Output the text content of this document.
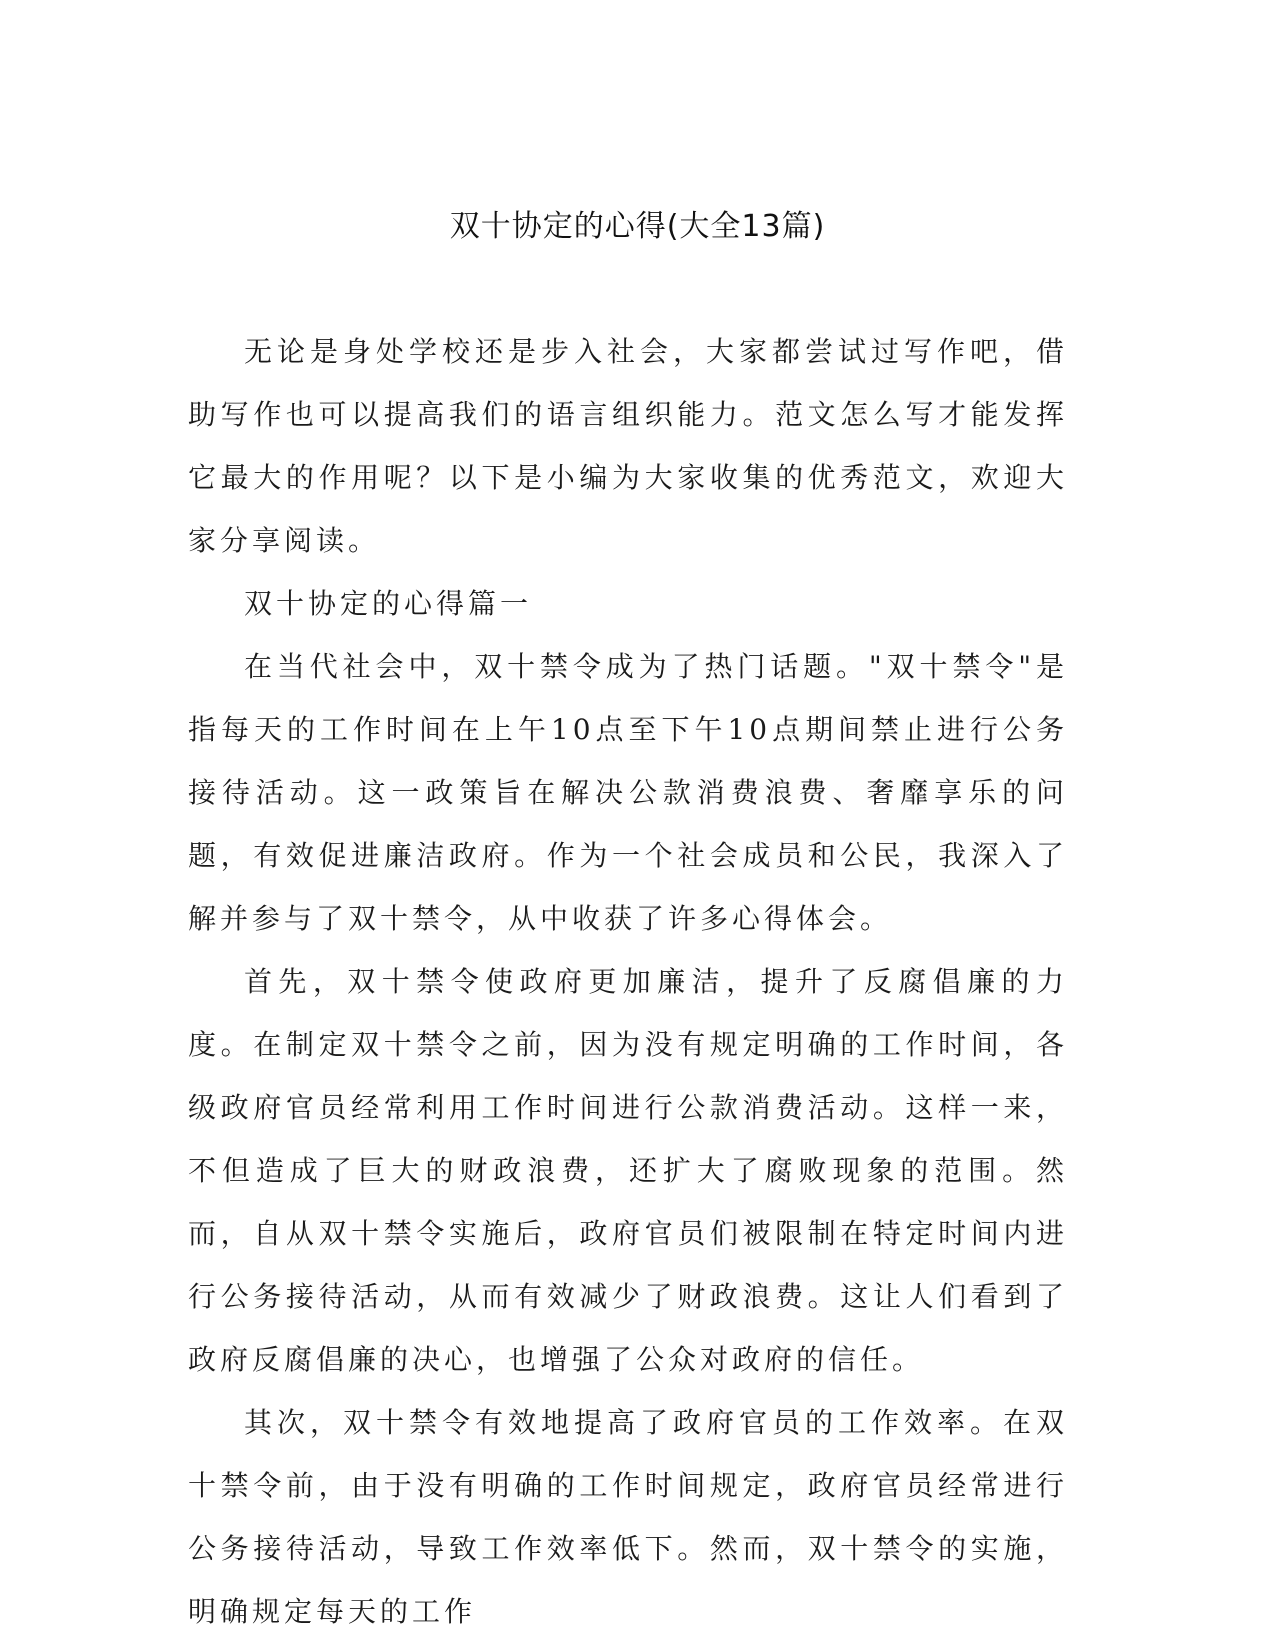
双十协定的心得(大全13篇)

无论是身处学校还是步入社会，大家都尝试过写作吧，借助写作也可以提高我们的语言组织能力。范文怎么写才能发挥它最大的作用呢？以下是小编为大家收集的优秀范文，欢迎大家分享阅读。

双十协定的心得篇一

在当代社会中，双十禁令成为了热门话题。"双十禁令"是指每天的工作时间在上午10点至下午10点期间禁止进行公务接待活动。这一政策旨在解决公款消费浪费、奢靡享乐的问题，有效促进廉洁政府。作为一个社会成员和公民，我深入了解并参与了双十禁令，从中收获了许多心得体会。

首先，双十禁令使政府更加廉洁，提升了反腐倡廉的力度。在制定双十禁令之前，因为没有规定明确的工作时间，各级政府官员经常利用工作时间进行公款消费活动。这样一来，不但造成了巨大的财政浪费，还扩大了腐败现象的范围。然而，自从双十禁令实施后，政府官员们被限制在特定时间内进行公务接待活动，从而有效减少了财政浪费。这让人们看到了政府反腐倡廉的决心，也增强了公众对政府的信任。

其次，双十禁令有效地提高了政府官员的工作效率。在双十禁令前，由于没有明确的工作时间规定，政府官员经常进行公务接待活动，导致工作效率低下。然而，双十禁令的实施，明确规定每天的工作
